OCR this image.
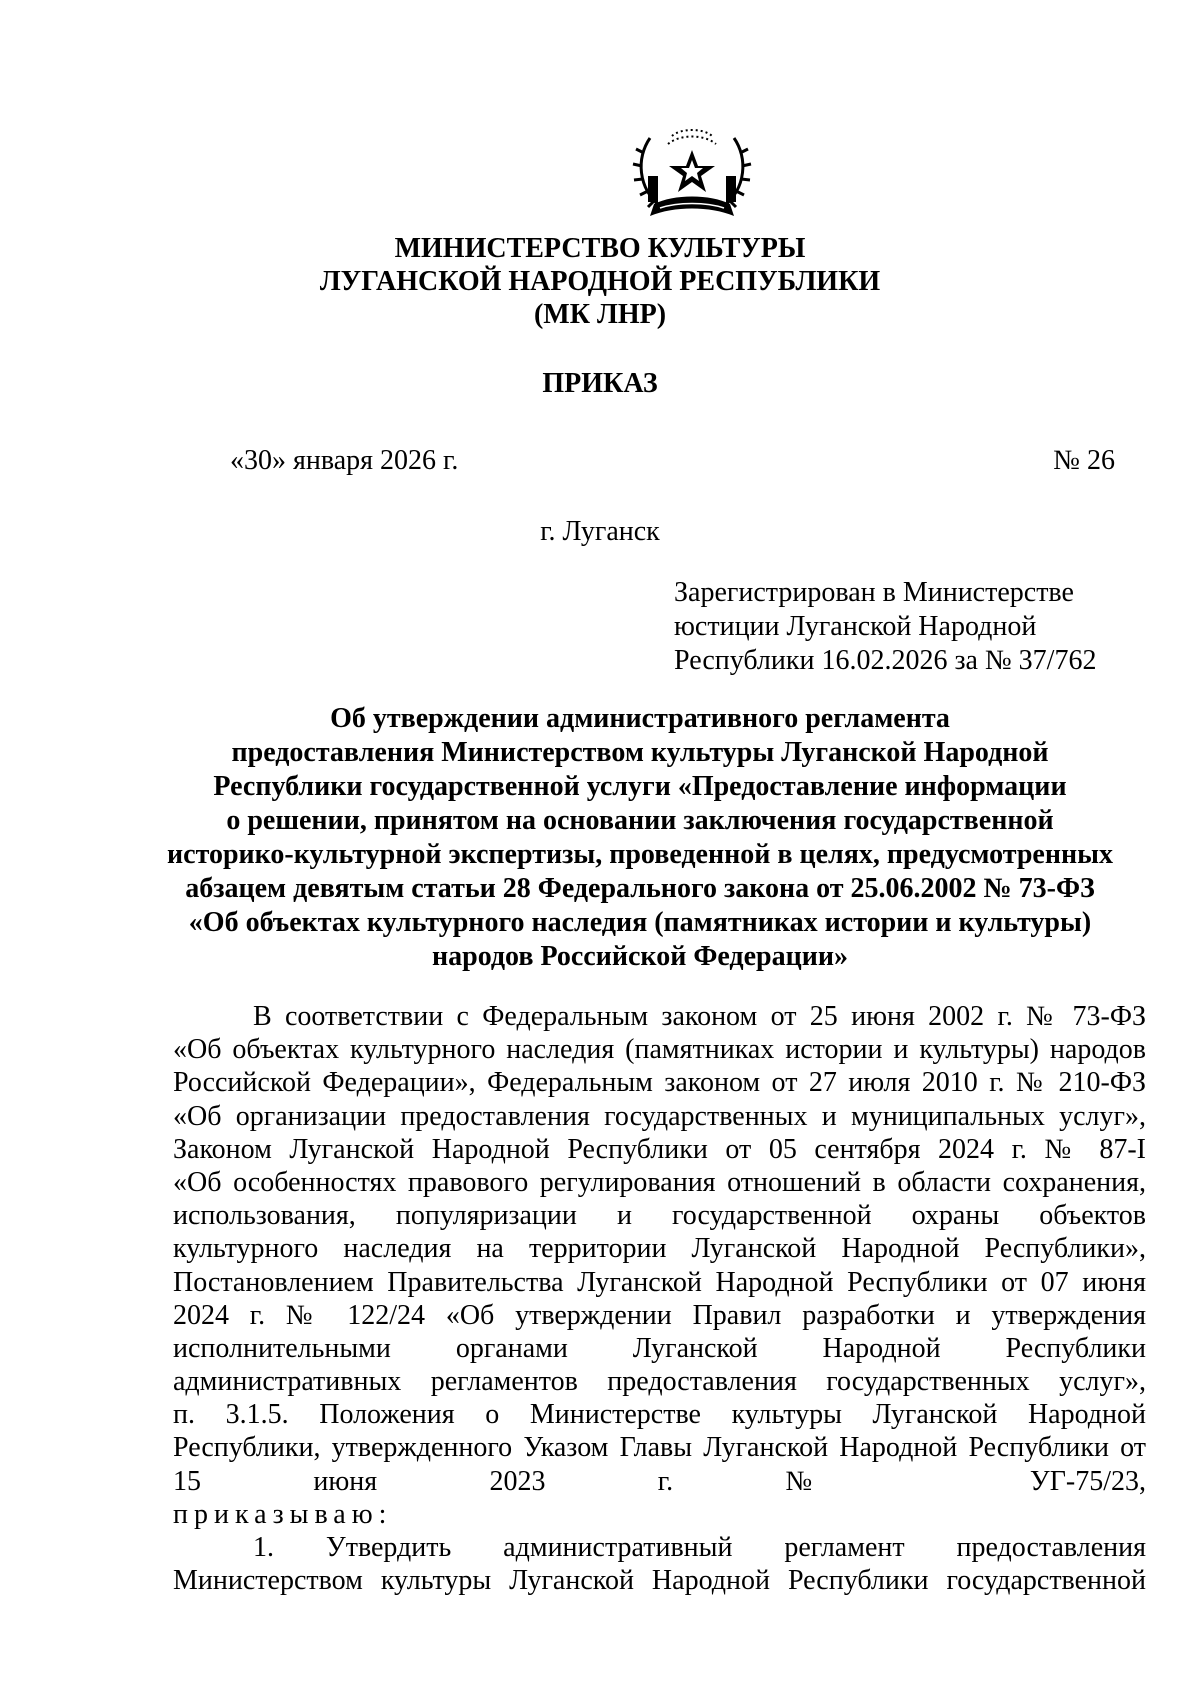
МИНИСТЕРСТВО КУЛЬТУРЫ
ЛУГАНСКОЙ НАРОДНОЙ РЕСПУБЛИКИ
(МК ЛНР)
ПРИКАЗ
«30» января 2026 г.	№ 26
г. Луганск
Зарегистрирован в Министерстве
юстиции Луганской Народной
Республики 16.02.2026 за № 37/762
Об утверждении административного регламента
предоставления Министерством культуры Луганской Народной
Республики государственной услуги «Предоставление информации
о решении, принятом на основании заключения государственной
историко-культурной экспертизы, проведенной в целях, предусмотренных
абзацем девятым статьи 28 Федерального закона от 25.06.2002 № 73-ФЗ
«Об объектах культурного наследия (памятниках истории и культуры)
народов Российской Федерации»
В соответствии с Федеральным законом от 25 июня 2002 г. № 73-ФЗ
«Об объектах культурного наследия (памятниках истории и культуры) народов
Российской Федерации», Федеральным законом от 27 июля 2010 г. № 210-ФЗ
«Об организации предоставления государственных и муниципальных услуг»,
Законом Луганской Народной Республики от 05 сентября 2024 г. № 87-I
«Об особенностях правового регулирования отношений в области сохранения,
использования, популяризации и государственной охраны объектов
культурного наследия на территории Луганской Народной Республики»,
Постановлением Правительства Луганской Народной Республики от 07 июня
2024 г. № 122/24 «Об утверждении Правил разработки и утверждения
исполнительными органами Луганской Народной Республики
административных регламентов предоставления государственных услуг»,
п. 3.1.5. Положения о Министерстве культуры Луганской Народной
Республики, утвержденного Указом Главы Луганской Народной Республики от
15 июня 2023 г. № УГ-75/23,
приказываю:
1. Утвердить административный регламент предоставления
Министерством культуры Луганской Народной Республики государственной
